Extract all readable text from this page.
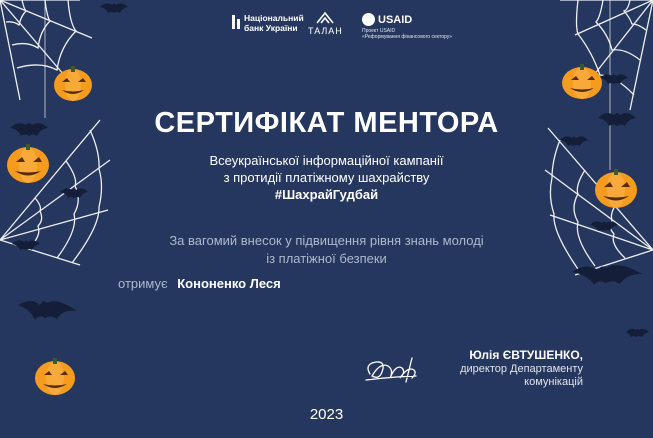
Національний
банк України	ТАЛАН
USAID
Проект USAID
«Реформування фінансового сектору»
СЕРТИФІКАТ МЕНТОРА
Всеукраїнської інформаційної кампанії
з протидії платіжному шахрайству
#ШахрайГудбай
За вагомий внесок у підвищення рівня знань молоді
із платіжної безпеки
отримує Кононенко Леся
Юлія ЄВТУШЕНКО,
директор Департаменту
комунікацій
2023
